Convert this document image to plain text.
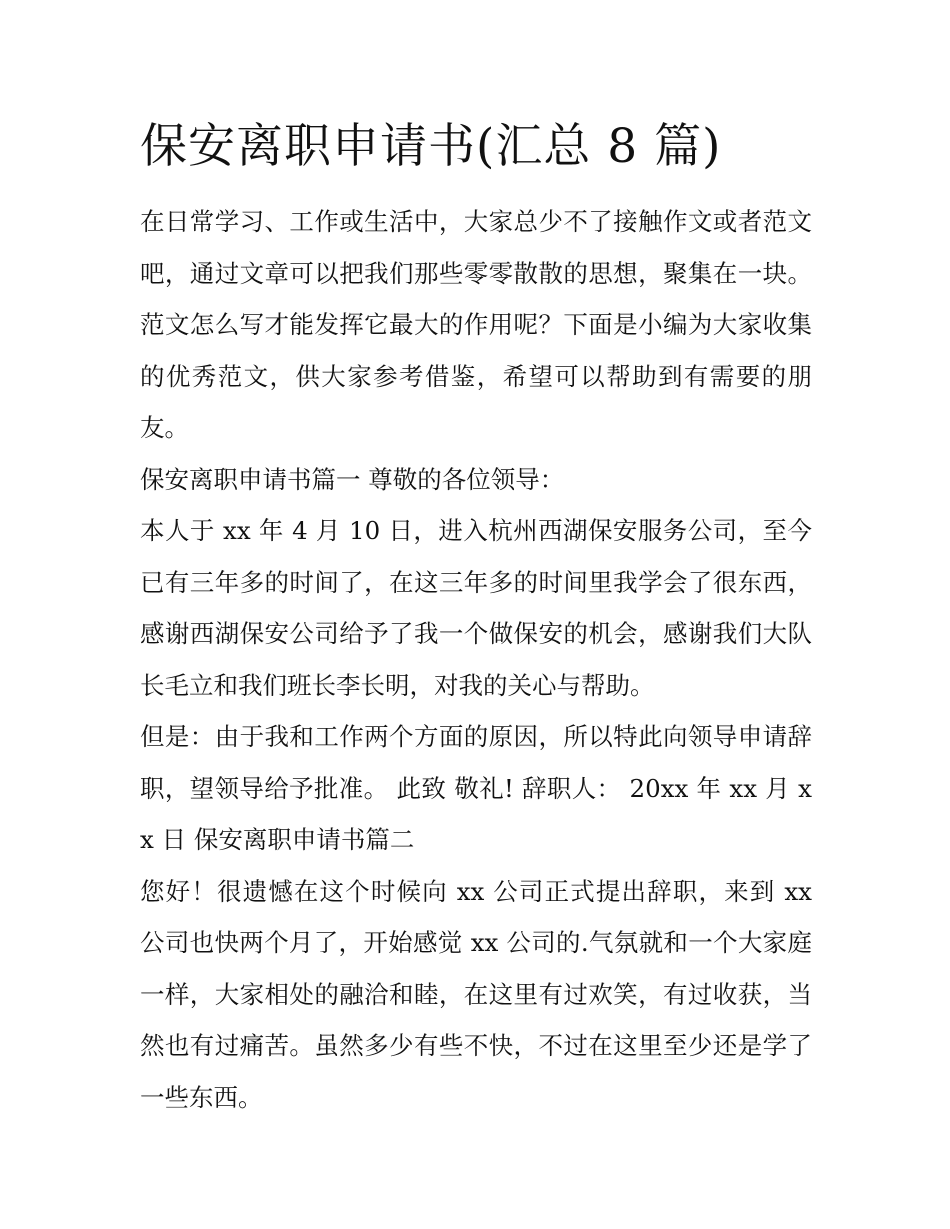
保安离职申请书(汇总 8 篇)

在日常学习、工作或生活中，大家总少不了接触作文或者范文吧，通过文章可以把我们那些零零散散的思想，聚集在一块。范文怎么写才能发挥它最大的作用呢？下面是小编为大家收集的优秀范文，供大家参考借鉴，希望可以帮助到有需要的朋友。

保安离职申请书篇一 尊敬的各位领导：

本人于 xx 年 4 月 10 日，进入杭州西湖保安服务公司，至今已有三年多的时间了，在这三年多的时间里我学会了很东西，感谢西湖保安公司给予了我一个做保安的机会，感谢我们大队长毛立和我们班长李长明，对我的关心与帮助。

但是：由于我和工作两个方面的原因，所以特此向领导申请辞职，望领导给予批准。 此致 敬礼! 辞职人： 20xx 年 xx 月 xx 日 保安离职申请书篇二

您好！很遗憾在这个时候向 xx 公司正式提出辞职，来到 xx 公司也快两个月了，开始感觉 xx 公司的.气氛就和一个大家庭一样，大家相处的融洽和睦，在这里有过欢笑，有过收获，当然也有过痛苦。虽然多少有些不快，不过在这里至少还是学了一些东西。
